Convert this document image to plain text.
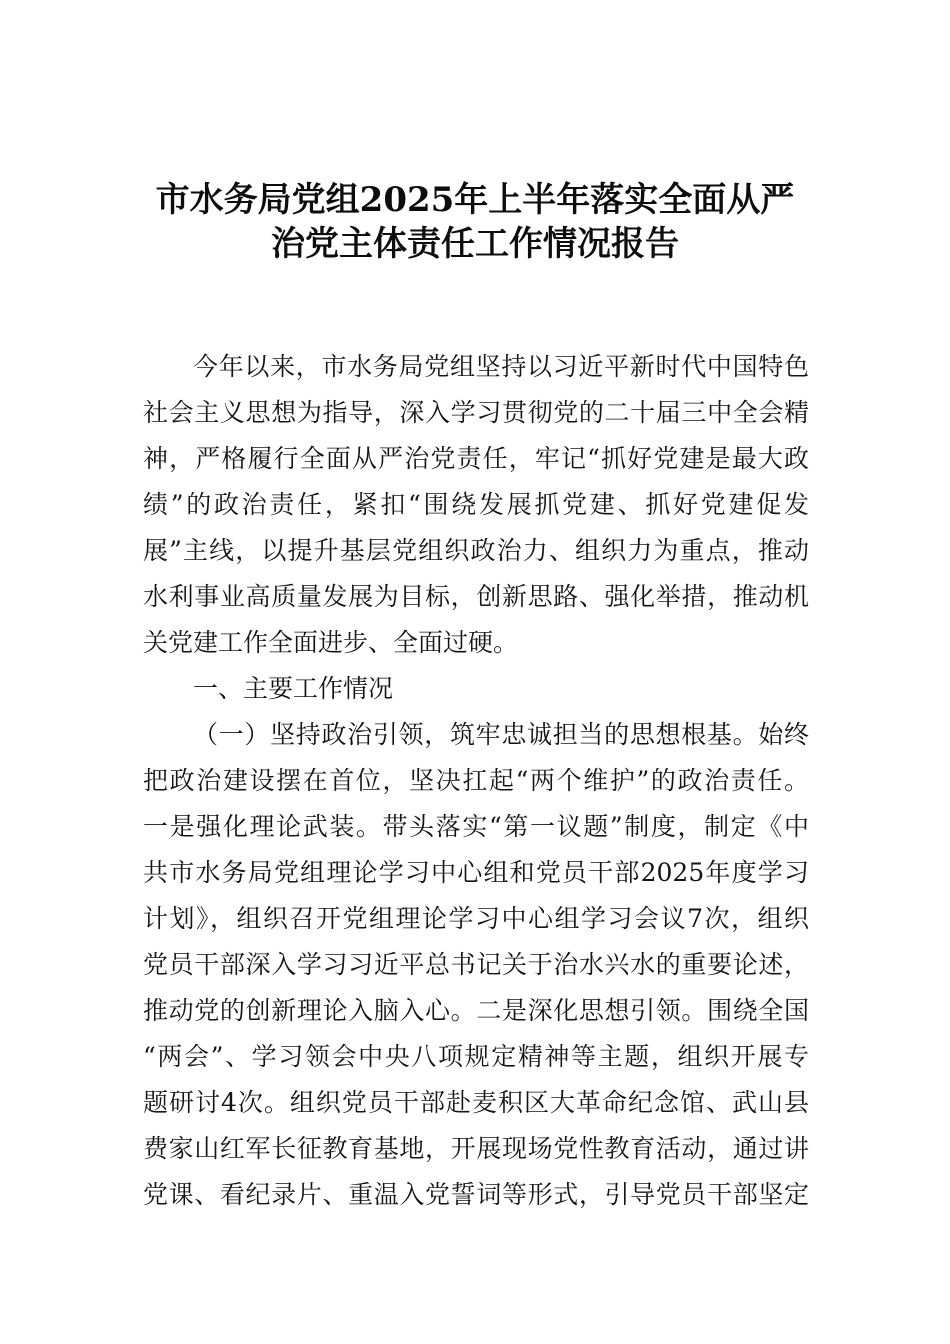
市水务局党组2025年上半年落实全面从严
治党主体责任工作情况报告
今年以来，市水务局党组坚持以习近平新时代中国特色
社会主义思想为指导，深入学习贯彻党的二十届三中全会精
神，严格履行全面从严治党责任，牢记“抓好党建是最大政
绩”的政治责任，紧扣“围绕发展抓党建、抓好党建促发
展”主线，以提升基层党组织政治力、组织力为重点，推动
水利事业高质量发展为目标，创新思路、强化举措，推动机
关党建工作全面进步、全面过硬。
一、主要工作情况
（一）坚持政治引领，筑牢忠诚担当的思想根基。始终
把政治建设摆在首位，坚决扛起“两个维护”的政治责任。
一是强化理论武装。带头落实“第一议题”制度，制定《中
共市水务局党组理论学习中心组和党员干部2025年度学习
计划》，组织召开党组理论学习中心组学习会议7次，组织
党员干部深入学习习近平总书记关于治水兴水的重要论述，
推动党的创新理论入脑入心。二是深化思想引领。围绕全国
“两会”、学习领会中央八项规定精神等主题，组织开展专
题研讨4次。组织党员干部赴麦积区大革命纪念馆、武山县
费家山红军长征教育基地，开展现场党性教育活动，通过讲
党课、看纪录片、重温入党誓词等形式，引导党员干部坚定
